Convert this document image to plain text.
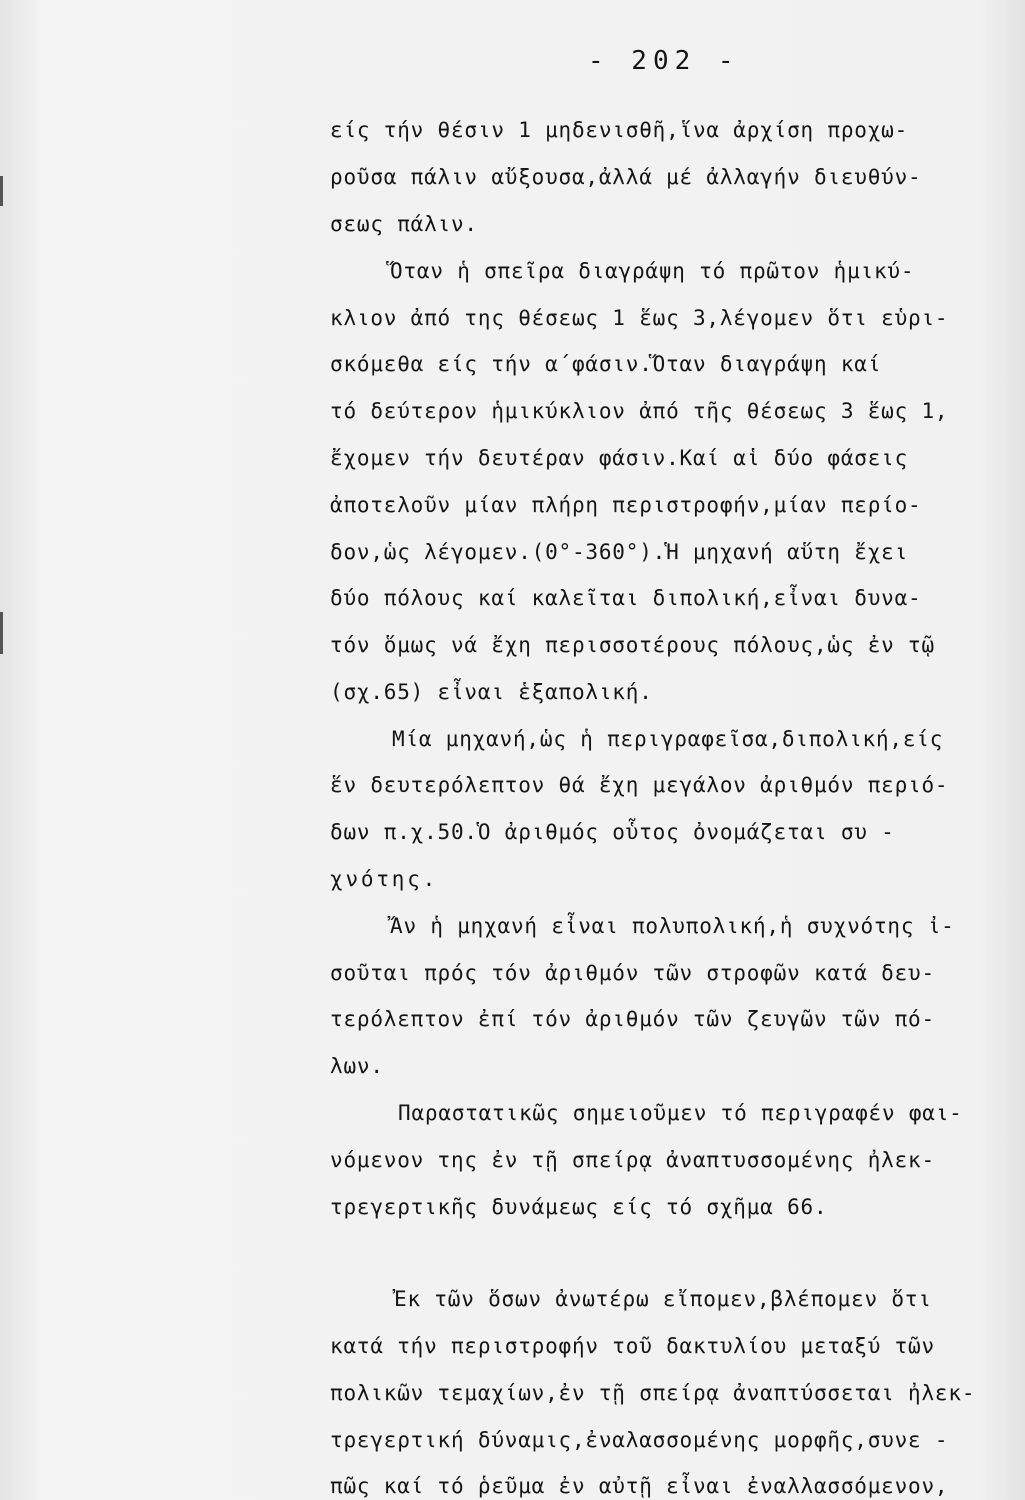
- 202 -
είς τήν θέσιν 1 μηδενισθῆ,ἵνα ἀρχίση προχω-
ροῦσα πάλιν αὔξουσα,ἀλλά μέ ἀλλαγήν διευθύν-
σεως πάλιν.
Ὅταν ἡ σπεῖρα διαγράψη τό πρῶτον ἡμικύ-
κλιον ἀπό της θέσεως 1 ἕως 3,λέγομεν ὅτι εὑρι-
σκόμεθα είς τήν α΄φάσιν.Ὅταν διαγράψη καί
τό δεύτερον ἡμικύκλιον ἀπό τῆς θέσεως 3 ἕως 1,
ἔχομεν τήν δευτέραν φάσιν.Καί αἱ δύο φάσεις
ἀποτελοῦν μίαν πλήρη περιστροφήν,μίαν περίο-
δον,ὡς λέγομεν.(0°-360°).Ἡ μηχανή αὕτη ἔχει
δύο πόλους καί καλεῖται διπολική,εἶναι δυνα-
τόν ὅμως νά ἔχη περισσοτέρους πόλους,ὡς ἐν τῷ
(σχ.65) εἶναι ἑξαπολική.
Μία μηχανή,ὡς ἡ περιγραφεῖσα,διπολική,είς
ἕν δευτερόλεπτον θά ἔχη μεγάλον ἀριθμόν περιό-
δων π.χ.50.Ὁ ἀριθμός οὗτος ὀνομάζεται συ -
χνότης.
Ἄν ἡ μηχανή εἶναι πολυπολική,ἡ συχνότης ἰ-
σοῦται πρός τόν ἀριθμόν τῶν στροφῶν κατά δευ-
τερόλεπτον ἐπί τόν ἀριθμόν τῶν ζευγῶν τῶν πό-
λων.
Παραστατικῶς σημειοῦμεν τό περιγραφέν φαι-
νόμενον της ἐν τῇ σπείρᾳ ἀναπτυσσομένης ἠλεκ-
τρεγερτικῆς δυνάμεως είς τό σχῆμα 66.
Ἐκ τῶν ὅσων ἀνωτέρω εἴπομεν,βλέπομεν ὅτι
κατά τήν περιστροφήν τοῦ δακτυλίου μεταξύ τῶν
πολικῶν τεμαχίων,ἐν τῇ σπείρᾳ ἀναπτύσσεται ἠλεκ-
τρεγερτική δύναμις,ἐναλασσομένης μορφῆς,συνε -
πῶς καί τό ῥεῦμα ἐν αὐτῇ εἶναι ἐναλλασσόμενον,
